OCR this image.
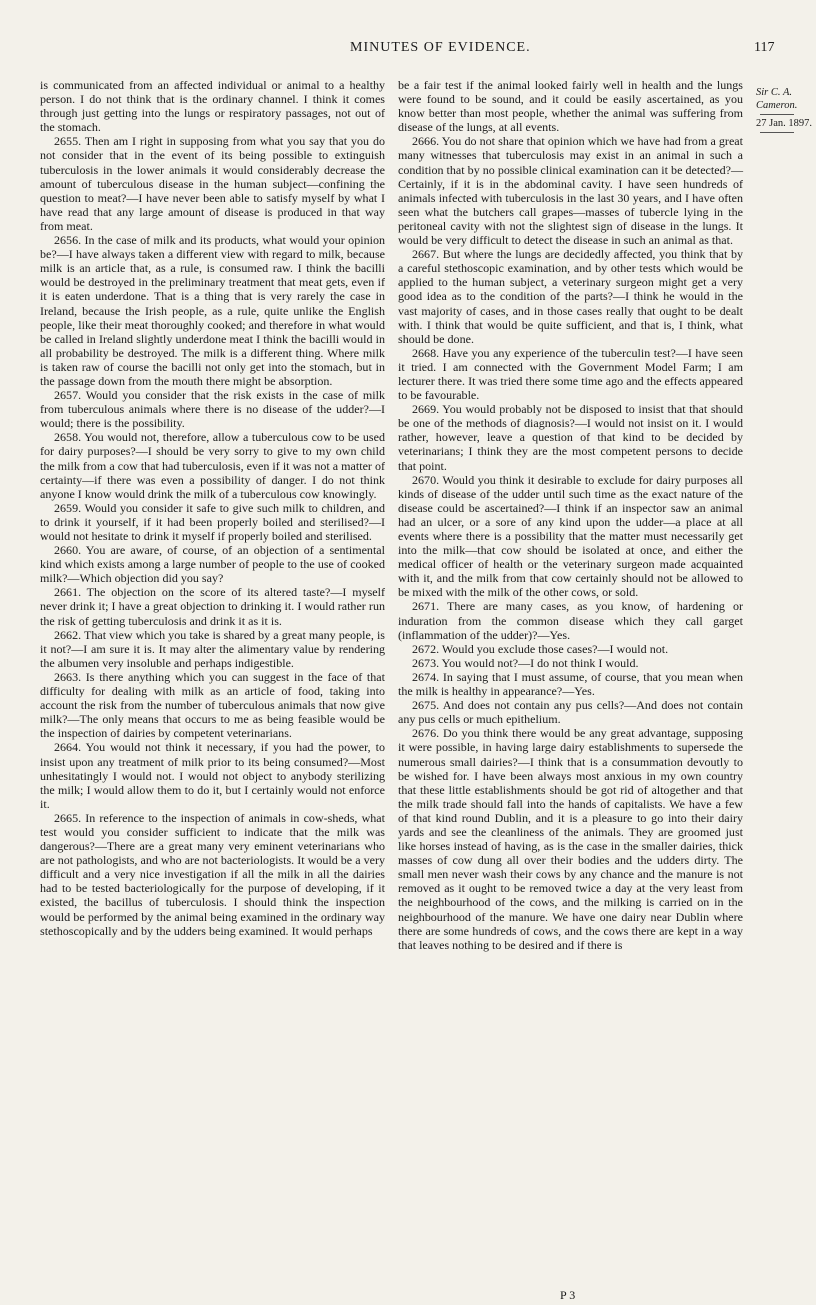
MINUTES OF EVIDENCE.	117

is communicated from an affected individual or animal to a healthy person. I do not think that is the ordinary channel. I think it comes through just getting into the lungs or respiratory passages, not out of the stomach.

2655. Then am I right in supposing from what you say that you do not consider that in the event of its being possible to extinguish tuberculosis in the lower animals it would considerably decrease the amount of tuberculous disease in the human subject—confining the question to meat?—I have never been able to satisfy myself by what I have read that any large amount of disease is produced in that way from meat.

2656. In the case of milk and its products, what would your opinion be?—I have always taken a different view with regard to milk, because milk is an article that, as a rule, is consumed raw. I think the bacilli would be destroyed in the preliminary treatment that meat gets, even if it is eaten underdone. That is a thing that is very rarely the case in Ireland, because the Irish people, as a rule, quite unlike the English people, like their meat thoroughly cooked; and therefore in what would be called in Ireland slightly underdone meat I think the bacilli would in all probability be destroyed. The milk is a different thing. Where milk is taken raw of course the bacilli not only get into the stomach, but in the passage down from the mouth there might be absorption.

2657. Would you consider that the risk exists in the case of milk from tuberculous animals where there is no disease of the udder?—I would; there is the possibility.

2658. You would not, therefore, allow a tuberculous cow to be used for dairy purposes?—I should be very sorry to give to my own child the milk from a cow that had tuberculosis, even if it was not a matter of certainty—if there was even a possibility of danger. I do not think anyone I know would drink the milk of a tuberculous cow knowingly.

2659. Would you consider it safe to give such milk to children, and to drink it yourself, if it had been properly boiled and sterilised?—I would not hesitate to drink it myself if properly boiled and sterilised.

2660. You are aware, of course, of an objection of a sentimental kind which exists among a large number of people to the use of cooked milk?—Which objection did you say?

2661. The objection on the score of its altered taste?—I myself never drink it; I have a great objection to drinking it. I would rather run the risk of getting tuberculosis and drink it as it is.

2662. That view which you take is shared by a great many people, is it not?—I am sure it is. It may alter the alimentary value by rendering the albumen very insoluble and perhaps indigestible.

2663. Is there anything which you can suggest in the face of that difficulty for dealing with milk as an article of food, taking into account the risk from the number of tuberculous animals that now give milk?—The only means that occurs to me as being feasible would be the inspection of dairies by competent veterinarians.

2664. You would not think it necessary, if you had the power, to insist upon any treatment of milk prior to its being consumed?—Most unhesitatingly I would not. I would not object to anybody sterilizing the milk; I would allow them to do it, but I certainly would not enforce it.

2665. In reference to the inspection of animals in cow-sheds, what test would you consider sufficient to indicate that the milk was dangerous?—There are a great many very eminent veterinarians who are not pathologists, and who are not bacteriologists. It would be a very difficult and a very nice investigation if all the milk in all the dairies had to be tested bacteriologically for the purpose of developing, if it existed, the bacillus of tuberculosis. I should think the inspection would be performed by the animal being examined in the ordinary way stethoscopically and by the udders being examined. It would perhaps

be a fair test if the animal looked fairly well in health and the lungs were found to be sound, and it could be easily ascertained, as you know better than most people, whether the animal was suffering from disease of the lungs, at all events.

2666. You do not share that opinion which we have had from a great many witnesses that tuberculosis may exist in an animal in such a condition that by no possible clinical examination can it be detected?—Certainly, if it is in the abdominal cavity. I have seen hundreds of animals infected with tuberculosis in the last 30 years, and I have often seen what the butchers call grapes—masses of tubercle lying in the peritoneal cavity with not the slightest sign of disease in the lungs. It would be very difficult to detect the disease in such an animal as that.

2667. But where the lungs are decidedly affected, you think that by a careful stethoscopic examination, and by other tests which would be applied to the human subject, a veterinary surgeon might get a very good idea as to the condition of the parts?—I think he would in the vast majority of cases, and in those cases really that ought to be dealt with. I think that would be quite sufficient, and that is, I think, what should be done.

2668. Have you any experience of the tuberculin test?—I have seen it tried. I am connected with the Government Model Farm; I am lecturer there. It was tried there some time ago and the effects appeared to be favourable.

2669. You would probably not be disposed to insist that that should be one of the methods of diagnosis?—I would not insist on it. I would rather, however, leave a question of that kind to be decided by veterinarians; I think they are the most competent persons to decide that point.

2670. Would you think it desirable to exclude for dairy purposes all kinds of disease of the udder until such time as the exact nature of the disease could be ascertained?—I think if an inspector saw an animal had an ulcer, or a sore of any kind upon the udder—a place at all events where there is a possibility that the matter must necessarily get into the milk—that cow should be isolated at once, and either the medical officer of health or the veterinary surgeon made acquainted with it, and the milk from that cow certainly should not be allowed to be mixed with the milk of the other cows, or sold.

2671. There are many cases, as you know, of hardening or induration from the common disease which they call garget (inflammation of the udder)?—Yes.

2672. Would you exclude those cases?—I would not.

2673. You would not?—I do not think I would.

2674. In saying that I must assume, of course, that you mean when the milk is healthy in appearance?—Yes.

2675. And does not contain any pus cells?—And does not contain any pus cells or much epithelium.

2676. Do you think there would be any great advantage, supposing it were possible, in having large dairy establishments to supersede the numerous small dairies?—I think that is a consummation devoutly to be wished for. I have been always most anxious in my own country that these little establishments should be got rid of altogether and that the milk trade should fall into the hands of capitalists. We have a few of that kind round Dublin, and it is a pleasure to go into their dairy yards and see the cleanliness of the animals. They are groomed just like horses instead of having, as is the case in the smaller dairies, thick masses of cow dung all over their bodies and the udders dirty. The small men never wash their cows by any chance and the manure is not removed as it ought to be removed twice a day at the very least from the neighbourhood of the cows, and the milking is carried on in the neighbourhood of the manure. We have one dairy near Dublin where there are some hundreds of cows, and the cows there are kept in a way that leaves nothing to be desired and if there is

Sir C. A. Cameron.
27 Jan. 1897.
P 3
